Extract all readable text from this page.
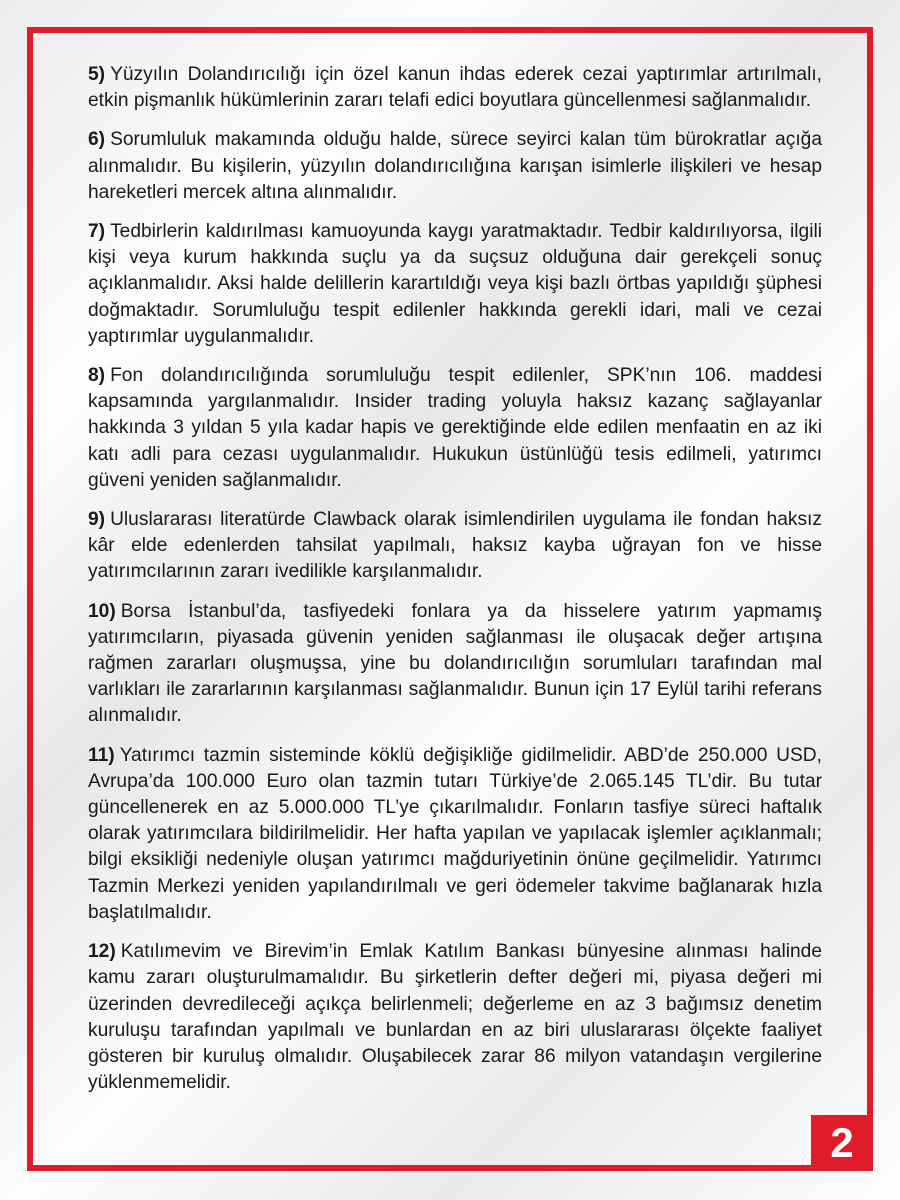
5) Yüzyılın Dolandırıcılığı için özel kanun ihdas ederek cezai yaptırımlar artırılmalı, etkin pişmanlık hükümlerinin zararı telafi edici boyutlara güncellenmesi sağlanmalıdır.

6) Sorumluluk makamında olduğu halde, sürece seyirci kalan tüm bürokratlar açığa alınmalıdır. Bu kişilerin, yüzyılın dolandırıcılığına karışan isimlerle ilişkileri ve hesap hareketleri mercek altına alınmalıdır.

7) Tedbirlerin kaldırılması kamuoyunda kaygı yaratmaktadır. Tedbir kaldırılıyorsa, ilgili kişi veya kurum hakkında suçlu ya da suçsuz olduğuna dair gerekçeli sonuç açıklanmalıdır. Aksi halde delillerin karartıldığı veya kişi bazlı örtbas yapıldığı şüphesi doğmaktadır. Sorumluluğu tespit edilenler hakkında gerekli idari, mali ve cezai yaptırımlar uygulanmalıdır.

8) Fon dolandırıcılığında sorumluluğu tespit edilenler, SPK’nın 106. maddesi kapsamında yargılanmalıdır. Insider trading yoluyla haksız kazanç sağlayanlar hakkında 3 yıldan 5 yıla kadar hapis ve gerektiğinde elde edilen menfaatin en az iki katı adli para cezası uygulanmalıdır. Hukukun üstünlüğü tesis edilmeli, yatırımcı güveni yeniden sağlanmalıdır.

9) Uluslararası literatürde Clawback olarak isimlendirilen uygulama ile fondan haksız kâr elde edenlerden tahsilat yapılmalı, haksız kayba uğrayan fon ve hisse yatırımcılarının zararı ivedilikle karşılanmalıdır.

10) Borsa İstanbul’da, tasfiyedeki fonlara ya da hisselere yatırım yapmamış yatırımcıların, piyasada güvenin yeniden sağlanması ile oluşacak değer artışına rağmen zararları oluşmuşsa, yine bu dolandırıcılığın sorumluları tarafından mal varlıkları ile zararlarının karşılanması sağlanmalıdır. Bunun için 17 Eylül tarihi referans alınmalıdır.

11) Yatırımcı tazmin sisteminde köklü değişikliğe gidilmelidir. ABD’de 250.000 USD, Avrupa’da 100.000 Euro olan tazmin tutarı Türkiye’de 2.065.145 TL’dir. Bu tutar güncellenerek en az 5.000.000 TL’ye çıkarılmalıdır. Fonların tasfiye süreci haftalık olarak yatırımcılara bildirilmelidir. Her hafta yapılan ve yapılacak işlemler açıklanmalı; bilgi eksikliği nedeniyle oluşan yatırımcı mağduriyetinin önüne geçilmelidir. Yatırımcı Tazmin Merkezi yeniden yapılandırılmalı ve geri ödemeler takvime bağlanarak hızla başlatılmalıdır.

12) Katılımevim ve Birevim’in Emlak Katılım Bankası bünyesine alınması halinde kamu zararı oluşturulmamalıdır. Bu şirketlerin defter değeri mi, piyasa değeri mi üzerinden devredileceği açıkça belirlenmeli; değerleme en az 3 bağımsız denetim kuruluşu tarafından yapılmalı ve bunlardan en az biri uluslararası ölçekte faaliyet gösteren bir kuruluş olmalıdır. Oluşabilecek zarar 86 milyon vatandaşın vergilerine yüklenmemelidir.

2
